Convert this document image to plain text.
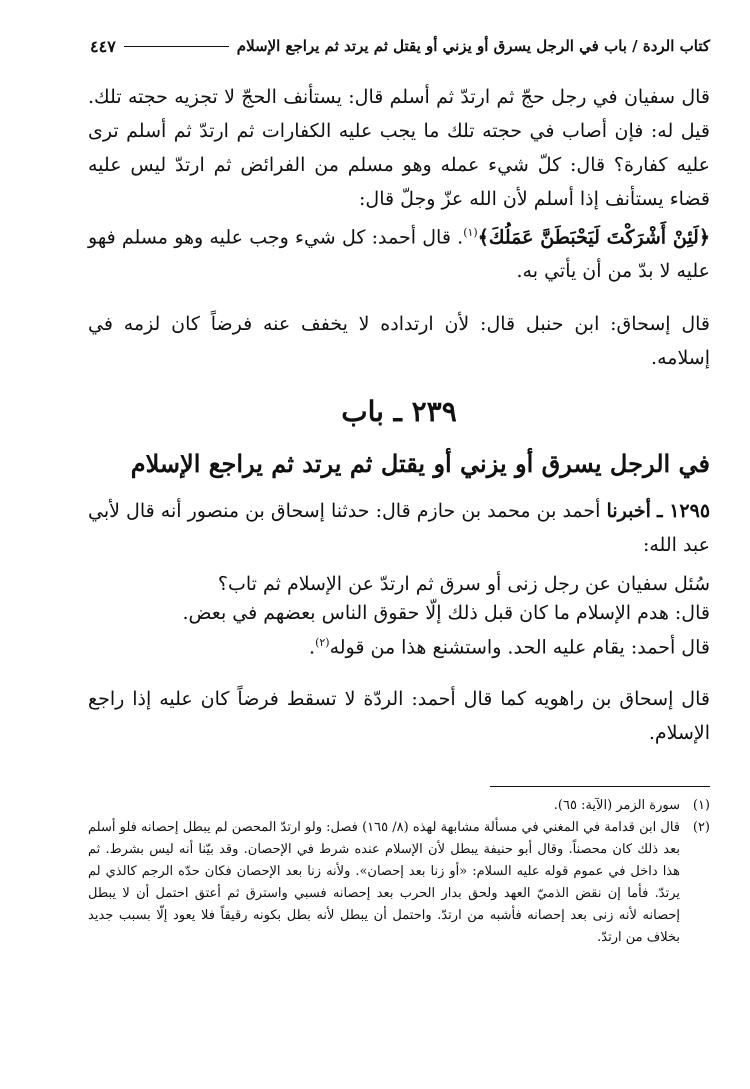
كتاب الردة / باب في الرجل يسرق أو يزني أو يقتل ثم يرتد ثم يراجع الإسلام
٤٤٧
قال سفيان في رجل حجّ ثم ارتدّ ثم أسلم قال: يستأنف الحجّ لا تجزيه حجته تلك. قيل له: فإن أصاب في حجته تلك ما يجب عليه الكفارات ثم ارتدّ ثم أسلم ترى عليه كفارة؟ قال: كلّ شيء عمله وهو مسلم من الفرائض ثم ارتدّ ليس عليه قضاء يستأنف إذا أسلم لأن الله عزّ وجلّ قال:
﴿لَئِنْ أَشْرَكْتَ لَيَحْبَطَنَّ عَمَلُكَ﴾$^{(١)}$. قال أحمد: كل شيء وجب عليه وهو مسلم فهو عليه لا بدّ من أن يأتي به.
قال إسحاق: ابن حنبل قال: لأن ارتداده لا يخفف عنه فرضاً كان لزمه في إسلامه.
٢٣٩ ـ باب
في الرجل يسرق أو يزني أو يقتل ثم يرتد ثم يراجع الإسلام
١٢٩٥ ـ أخبرنا أحمد بن محمد بن حازم قال: حدثنا إسحاق بن منصور أنه قال لأبي عبد الله:
سُئل سفيان عن رجل زنى أو سرق ثم ارتدّ عن الإسلام ثم تاب؟
قال: هدم الإسلام ما كان قبل ذلك إلّا حقوق الناس بعضهم في بعض.
قال أحمد: يقام عليه الحد. واستشنع هذا من قوله$^{(٢)}$.
قال إسحاق بن راهويه كما قال أحمد: الردّة لا تسقط فرضاً كان عليه إذا راجع الإسلام.
(١)
سورة الزمر (الآية: ٦٥).
(٢)
قال ابن قدامة في المغني في مسألة مشابهة لهذه (٨/ ١٦٥) فصل: ولو ارتدّ المحصن لم يبطل إحصانه فلو أسلم بعد ذلك كان محصناً. وقال أبو حنيفة يبطل لأن الإسلام عنده شرط في الإحصان. وقد بيّنا أنه ليس بشرط. ثم هذا داخل في عموم قوله عليه السلام: «أو زنا بعد إحصان». ولأنه زنا بعد الإحصان فكان حدّه الرجم كالذي لم يرتدّ. فأما إن نقض الذميّ العهد ولحق بدار الحرب بعد إحصانه فسبي واسترق ثم أعتق احتمل أن لا يبطل إحصانه لأنه زنى بعد إحصانه فأشبه من ارتدّ. واحتمل أن يبطل لأنه بطل بكونه رقيقاً فلا يعود إلّا بسبب جديد بخلاف من ارتدّ.
